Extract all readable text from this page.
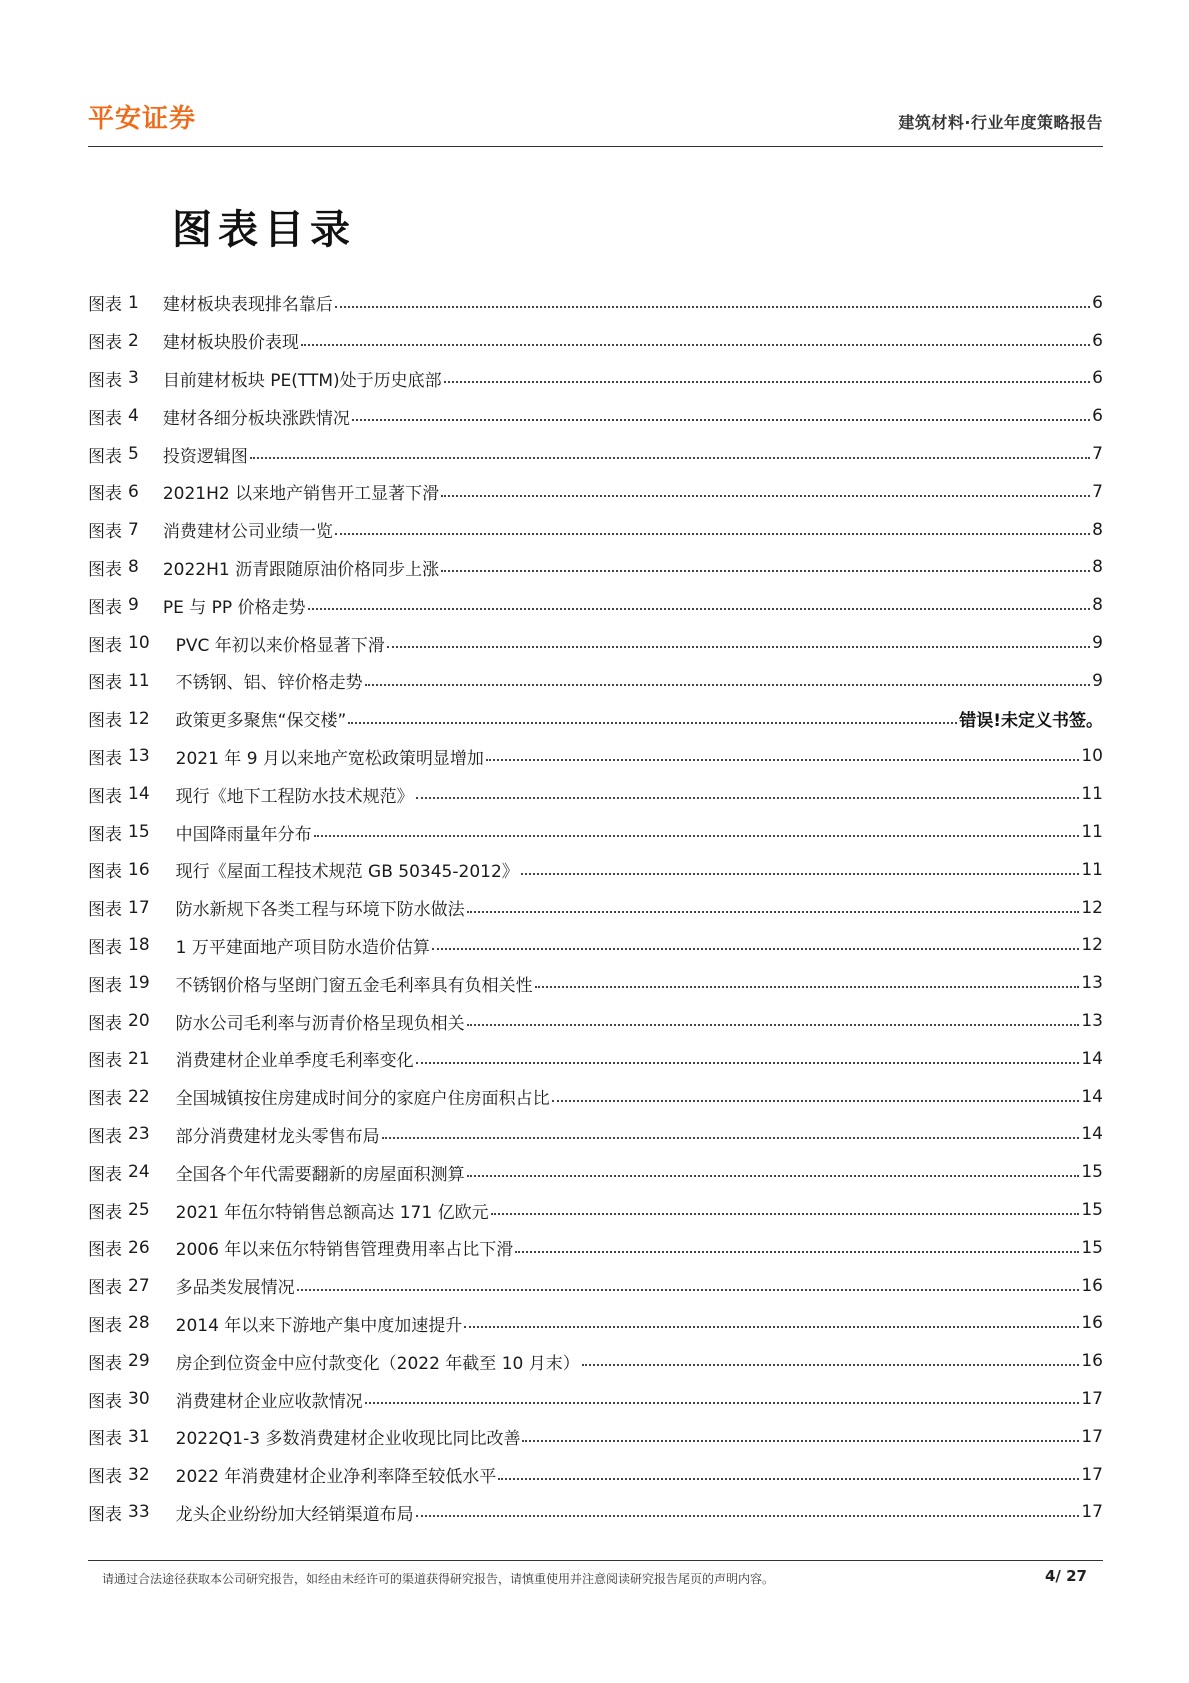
平安证券	建筑材料·行业年度策略报告
图表目录
图表 1 建材板块表现排名靠后	6
图表 2 建材板块股价表现	6
图表 3 目前建材板块 PE(TTM)处于历史底部	6
图表 4 建材各细分板块涨跌情况	6
图表 5 投资逻辑图	7
图表 6 2021H2 以来地产销售开工显著下滑	7
图表 7 消费建材公司业绩一览	8
图表 8 2022H1 沥青跟随原油价格同步上涨	8
图表 9 PE 与 PP 价格走势	8
图表 10 PVC 年初以来价格显著下滑	9
图表 11 不锈钢、铝、锌价格走势	9
图表 12 政策更多聚焦“保交楼”	错误!未定义书签。
图表 13 2021 年 9 月以来地产宽松政策明显增加	10
图表 14 现行《地下工程防水技术规范》	11
图表 15 中国降雨量年分布	11
图表 16 现行《屋面工程技术规范 GB 50345-2012》	11
图表 17 防水新规下各类工程与环境下防水做法	12
图表 18 1 万平建面地产项目防水造价估算	12
图表 19 不锈钢价格与坚朗门窗五金毛利率具有负相关性	13
图表 20 防水公司毛利率与沥青价格呈现负相关	13
图表 21 消费建材企业单季度毛利率变化	14
图表 22 全国城镇按住房建成时间分的家庭户住房面积占比	14
图表 23 部分消费建材龙头零售布局	14
图表 24 全国各个年代需要翻新的房屋面积测算	15
图表 25 2021 年伍尔特销售总额高达 171 亿欧元	15
图表 26 2006 年以来伍尔特销售管理费用率占比下滑	15
图表 27 多品类发展情况	16
图表 28 2014 年以来下游地产集中度加速提升	16
图表 29 房企到位资金中应付款变化（2022 年截至 10 月末）	16
图表 30 消费建材企业应收款情况	17
图表 31 2022Q1-3 多数消费建材企业收现比同比改善	17
图表 32 2022 年消费建材企业净利率降至较低水平	17
图表 33 龙头企业纷纷加大经销渠道布局	17
请通过合法途径获取本公司研究报告，如经由未经许可的渠道获得研究报告，请慎重使用并注意阅读研究报告尾页的声明内容。	4/ 27
